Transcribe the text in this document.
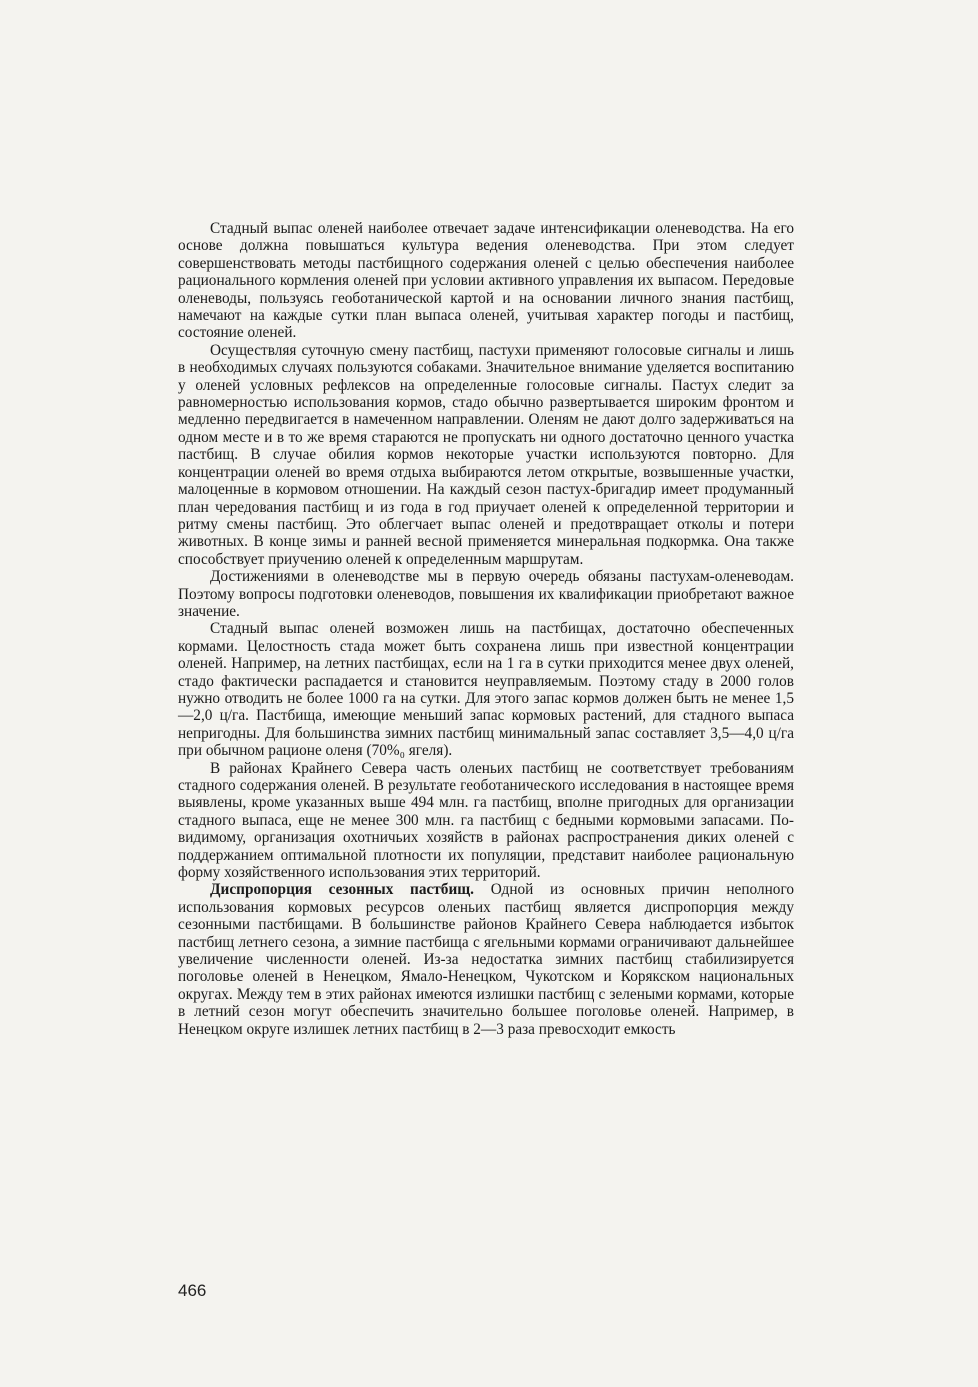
Стадный выпас оленей наиболее отвечает задаче интенсификации оленеводства. На его основе должна повышаться культура ведения оленеводства. При этом следует совершенствовать методы пастбищного содержания оленей с целью обеспечения наиболее рационального кормления оленей при условии активного управления их выпасом. Передовые оленеводы, пользуясь геоботанической картой и на основании личного знания пастбищ, намечают на каждые сутки план выпаса оленей, учитывая характер погоды и пастбищ, состояние оленей.

Осуществляя суточную смену пастбищ, пастухи применяют голосовые сигналы и лишь в необходимых случаях пользуются собаками. Значительное внимание уделяется воспитанию у оленей условных рефлексов на определенные голосовые сигналы. Пастух следит за равномерностью использования кормов, стадо обычно развертывается широким фронтом и медленно передвигается в намеченном направлении. Оленям не дают долго задерживаться на одном месте и в то же время стараются не пропускать ни одного достаточно ценного участка пастбищ. В случае обилия кормов некоторые участки используются повторно. Для концентрации оленей во время отдыха выбираются летом открытые, возвышенные участки, малоценные в кормовом отношении. На каждый сезон пастух-бригадир имеет продуманный план чередования пастбищ и из года в год приучает оленей к определенной территории и ритму смены пастбищ. Это облегчает выпас оленей и предотвращает отколы и потери животных. В конце зимы и ранней весной применяется минеральная подкормка. Она также способствует приучению оленей к определенным маршрутам.

Достижениями в оленеводстве мы в первую очередь обязаны пастухам-оленеводам. Поэтому вопросы подготовки оленеводов, повышения их квалификации приобретают важное значение.

Стадный выпас оленей возможен лишь на пастбищах, достаточно обеспеченных кормами. Целостность стада может быть сохранена лишь при известной концентрации оленей. Например, на летних пастбищах, если на 1 га в сутки приходится менее двух оленей, стадо фактически распадается и становится неуправляемым. Поэтому стаду в 2000 голов нужно отводить не более 1000 га на сутки. Для этого запас кормов должен быть не менее 1,5—2,0 ц/га. Пастбища, имеющие меньший запас кормовых растений, для стадного выпаса непригодны. Для большинства зимних пастбищ минимальный запас составляет 3,5—4,0 ц/га при обычном рационе оленя (70%₀ ягеля).

В районах Крайнего Севера часть оленьих пастбищ не соответствует требованиям стадного содержания оленей. В результате геоботанического исследования в настоящее время выявлены, кроме указанных выше 494 млн. га пастбищ, вполне пригодных для организации стадного выпаса, еще не менее 300 млн. га пастбищ с бедными кормовыми запасами. По-видимому, организация охотничьих хозяйств в районах распространения диких оленей с поддержанием оптимальной плотности их популяции, представит наиболее рациональную форму хозяйственного использования этих территорий.

Диспропорция сезонных пастбищ. Одной из основных причин неполного использования кормовых ресурсов оленьих пастбищ является диспропорция между сезонными пастбищами. В большинстве районов Крайнего Севера наблюдается избыток пастбищ летнего сезона, а зимние пастбища с ягельными кормами ограничивают дальнейшее увеличение численности оленей. Из-за недостатка зимних пастбищ стабилизируется поголовье оленей в Ненецком, Ямало-Ненецком, Чукотском и Корякском национальных округах. Между тем в этих районах имеются излишки пастбищ с зелеными кормами, которые в летний сезон могут обеспечить значительно большее поголовье оленей. Например, в Ненецком округе излишек летних пастбищ в 2—3 раза превосходит емкость

466
